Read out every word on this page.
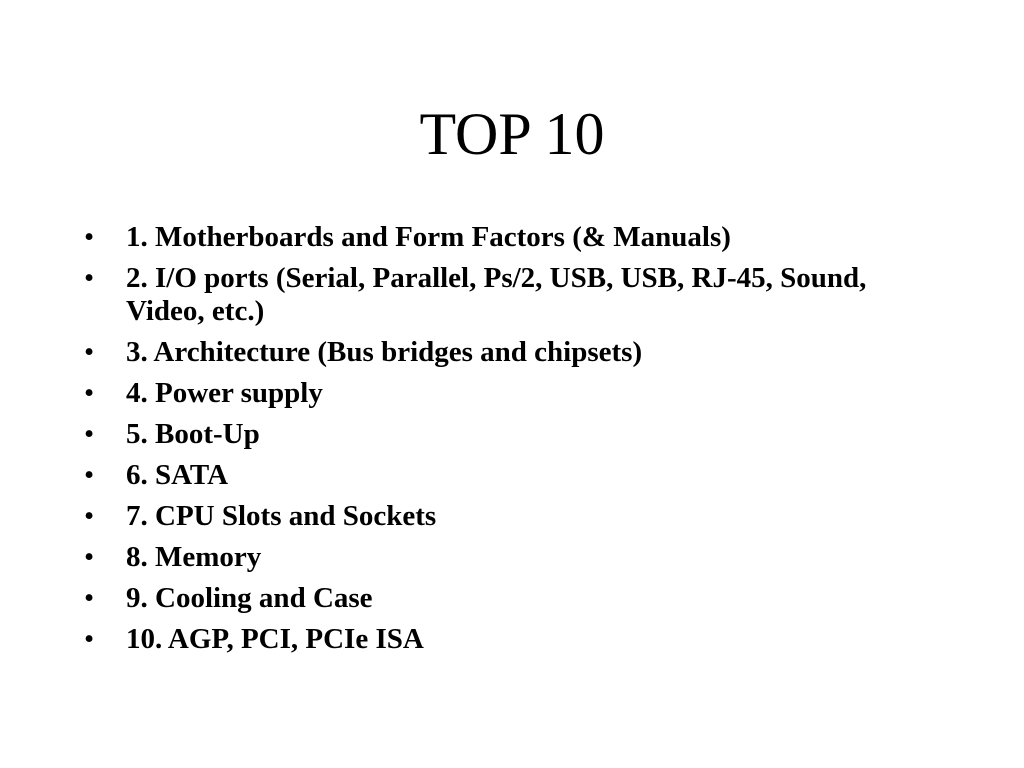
TOP 10
•	1. Motherboards and Form Factors (& Manuals)
•	2. I/O ports (Serial, Parallel, Ps/2, USB, USB, RJ-45, Sound, Video, etc.)
•	3. Architecture (Bus bridges and chipsets)
•	4. Power supply
•	5. Boot-Up
•	6. SATA
•	7. CPU Slots and Sockets
•	8. Memory
•	9. Cooling and Case
•	10. AGP, PCI, PCIe ISA
